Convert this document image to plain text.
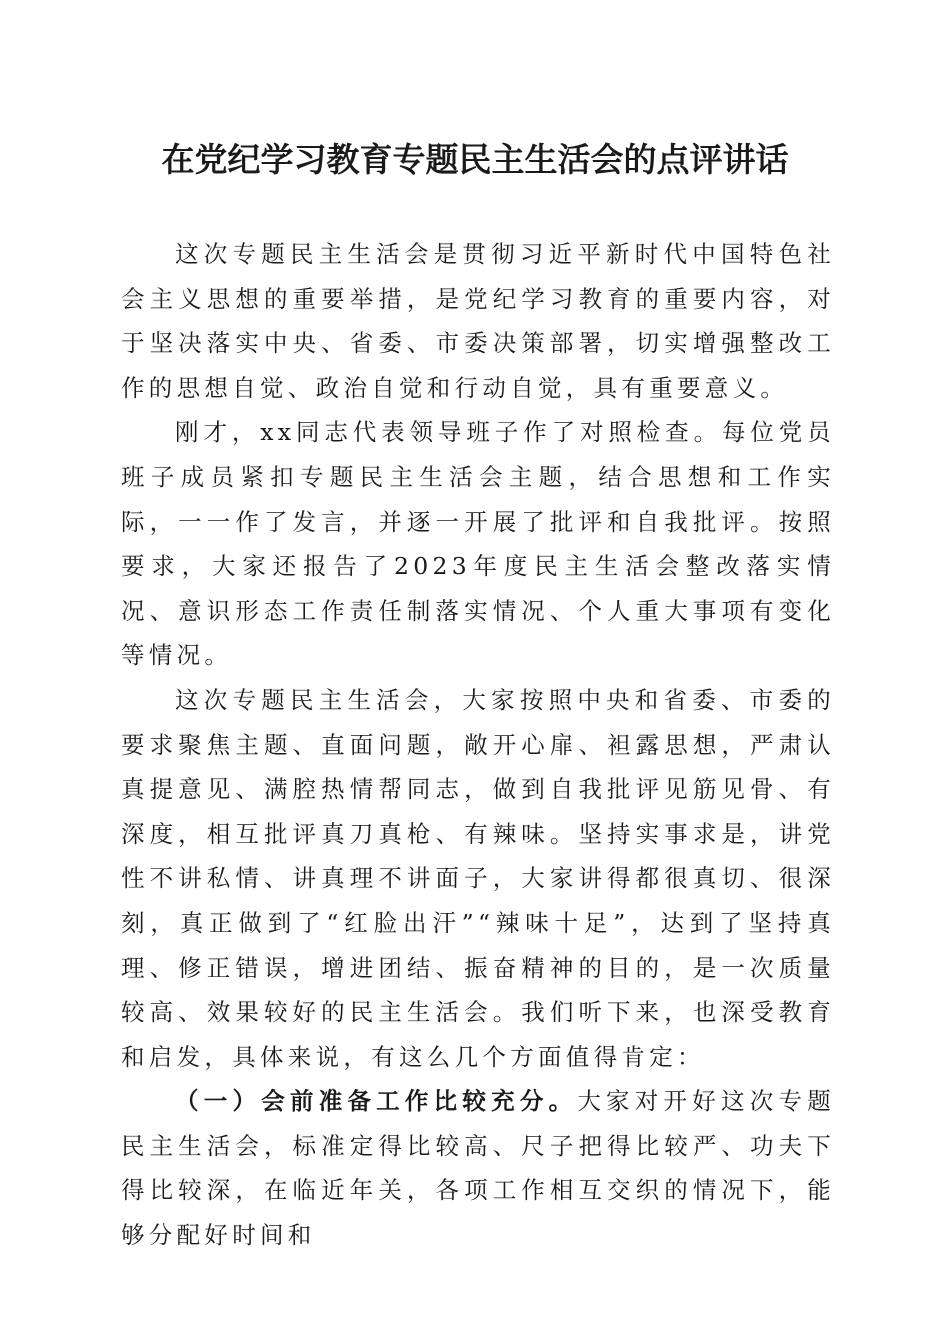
在党纪学习教育专题民主生活会的点评讲话

这次专题民主生活会是贯彻习近平新时代中国特色社会主义思想的重要举措，是党纪学习教育的重要内容，对于坚决落实中央、省委、市委决策部署，切实增强整改工作的思想自觉、政治自觉和行动自觉，具有重要意义。

刚才，xx同志代表领导班子作了对照检查。每位党员班子成员紧扣专题民主生活会主题，结合思想和工作实际，一一作了发言，并逐一开展了批评和自我批评。按照要求，大家还报告了2023年度民主生活会整改落实情况、意识形态工作责任制落实情况、个人重大事项有变化等情况。

这次专题民主生活会，大家按照中央和省委、市委的要求聚焦主题、直面问题，敞开心扉、袒露思想，严肃认真提意见、满腔热情帮同志，做到自我批评见筋见骨、有深度，相互批评真刀真枪、有辣味。坚持实事求是，讲党性不讲私情、讲真理不讲面子，大家讲得都很真切、很深刻，真正做到了“红脸出汗”“辣味十足”，达到了坚持真理、修正错误，增进团结、振奋精神的目的，是一次质量较高、效果较好的民主生活会。我们听下来，也深受教育和启发，具体来说，有这么几个方面值得肯定：

（一）会前准备工作比较充分。大家对开好这次专题民主生活会，标准定得比较高、尺子把得比较严、功夫下得比较深，在临近年关，各项工作相互交织的情况下，能够分配好时间和
